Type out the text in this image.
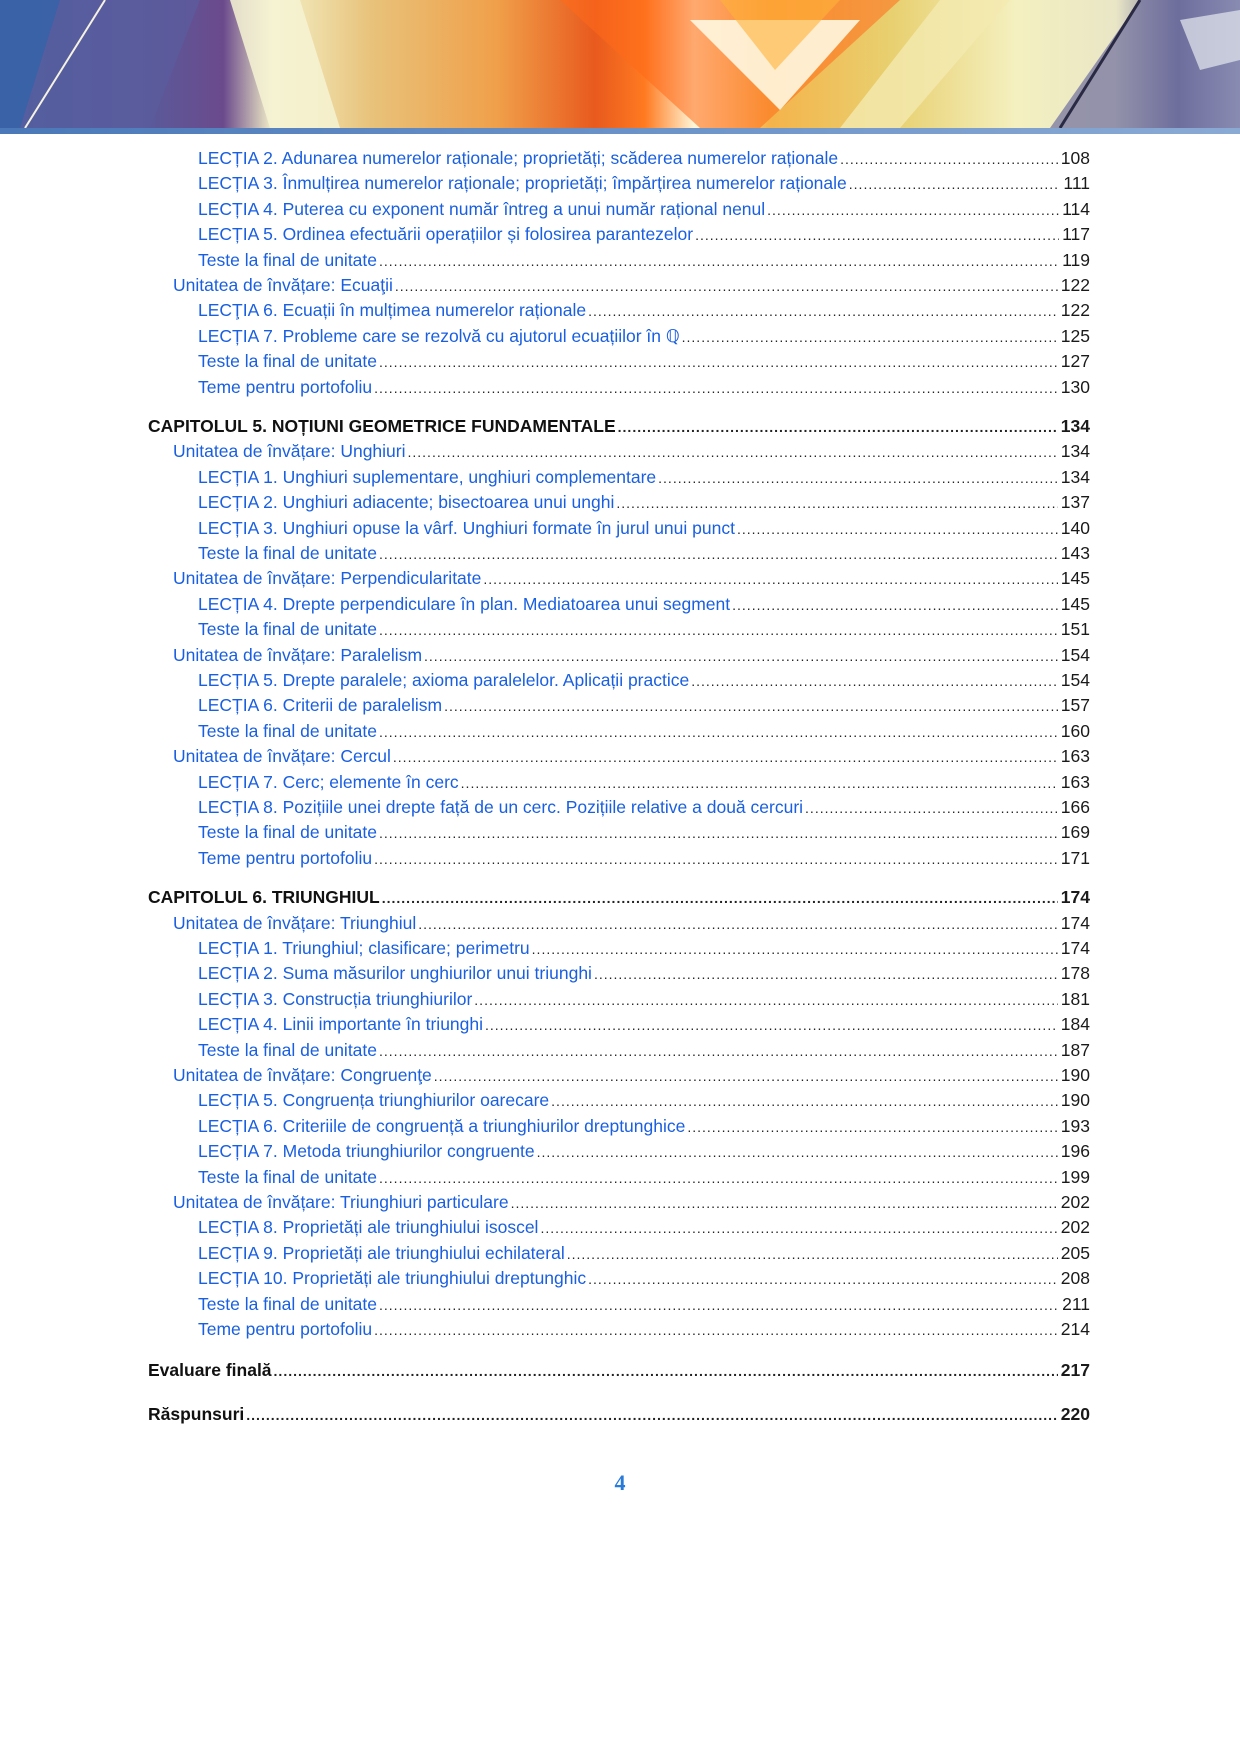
LECȚIA 2. Adunarea numerelor raționale; proprietăți; scăderea numerelor raționale .....	108
LECȚIA 3. Înmulțirea numerelor raționale; proprietăți; împărțirea numerelor raționale .....	111
LECȚIA 4. Puterea cu exponent număr întreg a unui număr rațional nenul .....	114
LECȚIA 5. Ordinea efectuării operațiilor și folosirea parantezelor .....	117
Teste la final de unitate .....	119
Unitatea de învățare: Ecuaţii .....	122
LECŢIA 6. Ecuații în mulțimea numerelor raționale .....	122
LECȚIA 7. Probleme care se rezolvă cu ajutorul ecuațiilor în ℚ .....	125
Teste la final de unitate .....	127
Teme pentru portofoliu .....	130
CAPITOLUL 5. NOȚIUNI GEOMETRICE FUNDAMENTALE .....	134
Unitatea de învățare: Unghiuri .....	134
LECȚIA 1. Unghiuri suplementare, unghiuri complementare .....	134
LECȚIA 2. Unghiuri adiacente; bisectoarea unui unghi .....	137
LECȚIA 3. Unghiuri opuse la vârf. Unghiuri formate în jurul unui punct .....	140
Teste la final de unitate .....	143
Unitatea de învățare: Perpendicularitate .....	145
LECȚIA 4. Drepte perpendiculare în plan. Mediatoarea unui segment .....	145
Teste la final de unitate .....	151
Unitatea de învățare: Paralelism .....	154
LECȚIA 5. Drepte paralele; axioma paralelelor. Aplicații practice .....	154
LECȚIA 6. Criterii de paralelism .....	157
Teste la final de unitate .....	160
Unitatea de învățare: Cercul .....	163
LECȚIA 7. Cerc; elemente în cerc .....	163
LECȚIA 8. Pozițiile unei drepte față de un cerc. Pozițiile relative a două cercuri .....	166
Teste la final de unitate .....	169
Teme pentru portofoliu .....	171
CAPITOLUL 6. TRIUNGHIUL .....	174
Unitatea de învățare: Triunghiul .....	174
LECȚIA 1. Triunghiul; clasificare; perimetru .....	174
LECȚIA 2. Suma măsurilor unghiurilor unui triunghi .....	178
LECȚIA 3. Construcția triunghiurilor .....	181
LECȚIA 4. Linii importante în triunghi .....	184
Teste la final de unitate .....	187
Unitatea de învățare: Congruenţe .....	190
LECȚIA 5. Congruența triunghiurilor oarecare .....	190
LECȚIA 6. Criteriile de congruență a triunghiurilor dreptunghice .....	193
LECȚIA 7. Metoda triunghiurilor congruente .....	196
Teste la final de unitate .....	199
Unitatea de învățare: Triunghiuri particulare .....	202
LECȚIA 8. Proprietăți ale triunghiului isoscel .....	202
LECȚIA 9. Proprietăți ale triunghiului echilateral .....	205
LECȚIA 10. Proprietăți ale triunghiului dreptunghic .....	208
Teste la final de unitate .....	211
Teme pentru portofoliu .....	214
Evaluare finală .....	217
Răspunsuri .....	220
4
